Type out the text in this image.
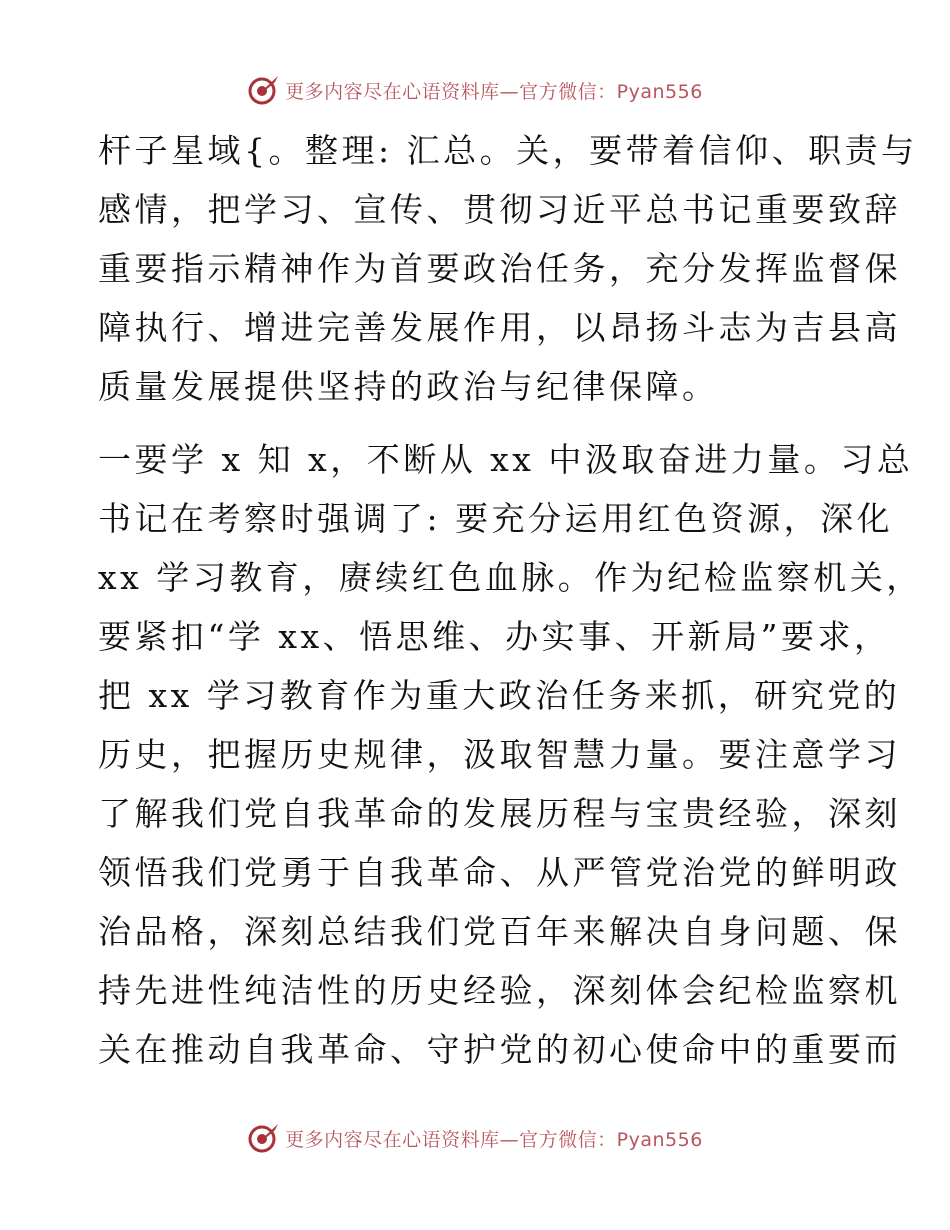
更多内容尽在心语资料库—官方微信：Pyan556
杆子星域{。整理: 汇总。关，要带着信仰、职责与
感情，把学习、宣传、贯彻习近平总书记重要致辞
重要指示精神作为首要政治任务，充分发挥监督保
障执行、增进完善发展作用，以昂扬斗志为吉县高
质量发展提供坚持的政治与纪律保障。
一要学 x 知 x，不断从 xx 中汲取奋进力量。习总
书记在考察时强调了: 要充分运用红色资源，深化
xx 学习教育，赓续红色血脉。作为纪检监察机关，
要紧扣“学 xx、悟思维、办实事、开新局”要求，
把 xx 学习教育作为重大政治任务来抓，研究党的
历史，把握历史规律，汲取智慧力量。要注意学习
了解我们党自我革命的发展历程与宝贵经验，深刻
领悟我们党勇于自我革命、从严管党治党的鲜明政
治品格，深刻总结我们党百年来解决自身问题、保
持先进性纯洁性的历史经验，深刻体会纪检监察机
关在推动自我革命、守护党的初心使命中的重要而
更多内容尽在心语资料库—官方微信：Pyan556
